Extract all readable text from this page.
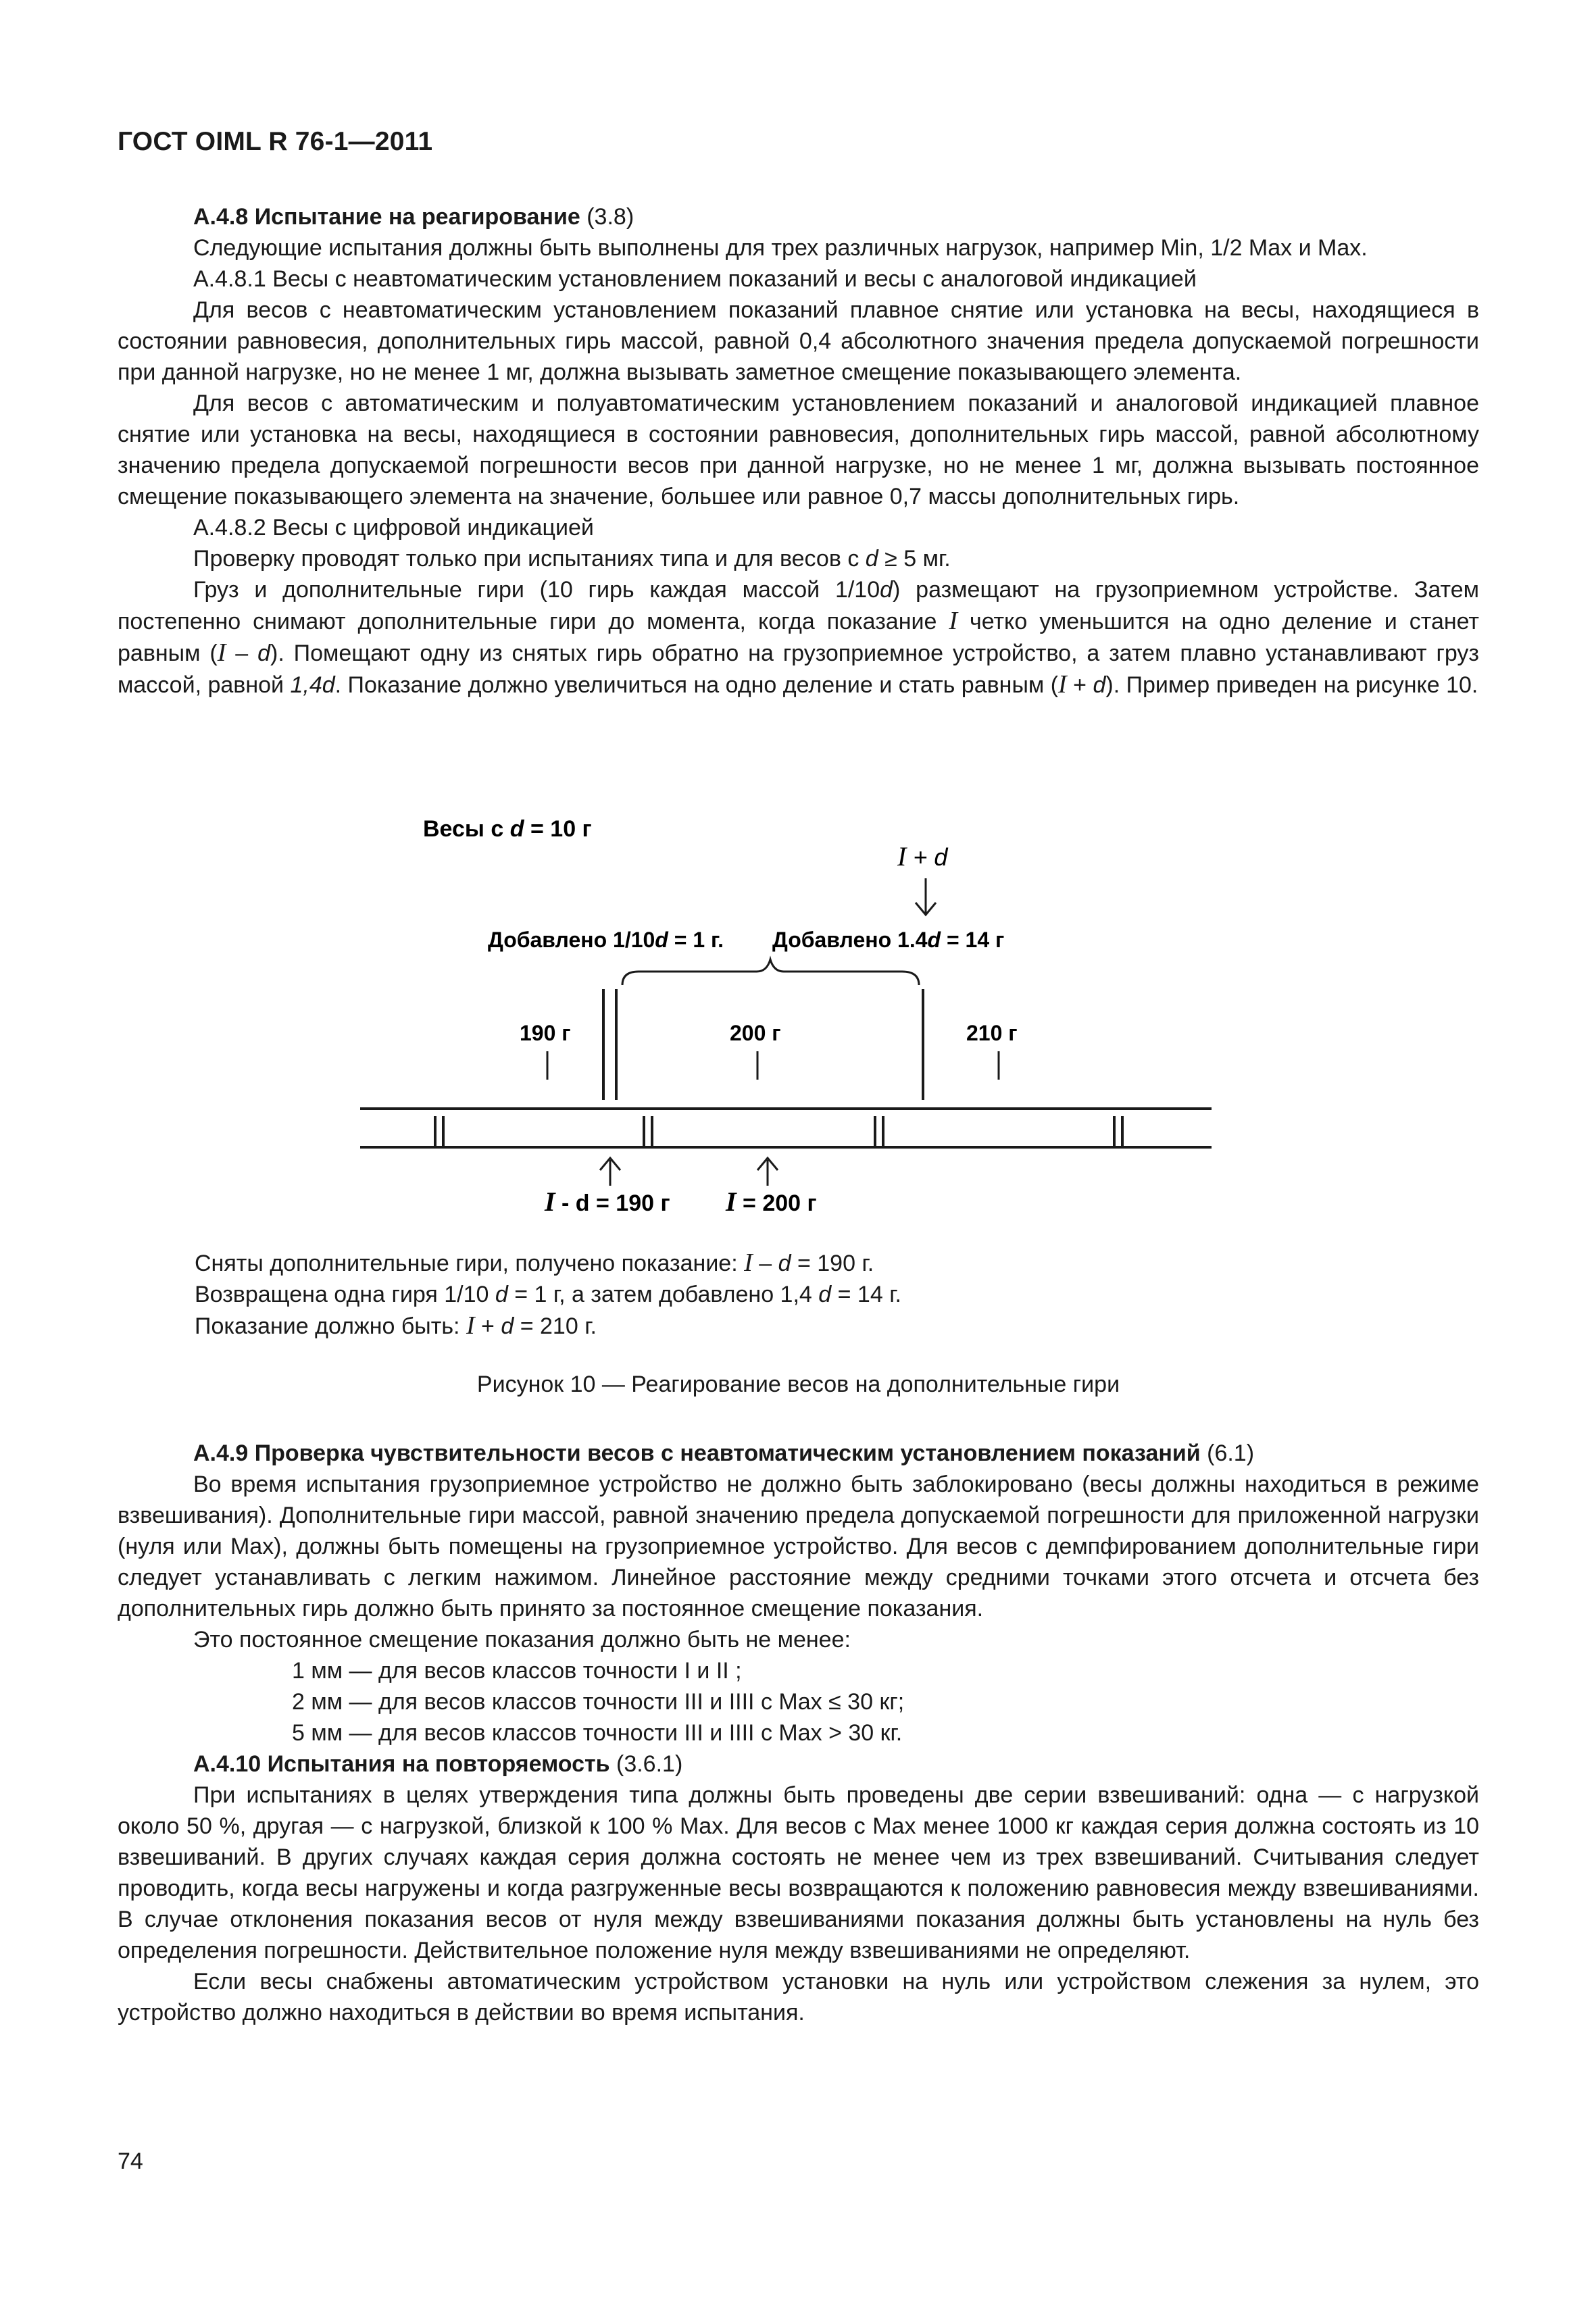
ГОСТ OIML R 76-1—2011

А.4.8 Испытание на реагирование (3.8)

Следующие испытания должны быть выполнены для трех различных нагрузок, например Min, 1/2 Max и Max.

А.4.8.1 Весы с неавтоматическим установлением показаний и весы с аналоговой индикацией

Для весов с неавтоматическим установлением показаний плавное снятие или установка на весы, находящиеся в состоянии равновесия, дополнительных гирь массой, равной 0,4 абсолютного значения предела допускаемой погрешности при данной нагрузке, но не менее 1 мг, должна вызывать заметное смещение показывающего элемента.

Для весов с автоматическим и полуавтоматическим установлением показаний и аналоговой индикацией плавное снятие или установка на весы, находящиеся в состоянии равновесия, дополнительных гирь массой, равной абсолютному значению предела допускаемой погрешности весов при данной нагрузке, но не менее 1 мг, должна вызывать постоянное смещение показывающего элемента на значение, большее или равное 0,7 массы дополнительных гирь.

А.4.8.2 Весы с цифровой индикацией

Проверку проводят только при испытаниях типа и для весов с d ≥ 5 мг.

Груз и дополнительные гири (10 гирь каждая массой 1/10d) размещают на грузоприемном устройстве. Затем постепенно снимают дополнительные гири до момента, когда показание I четко уменьшится на одно деление и станет равным (I – d). Помещают одну из снятых гирь обратно на грузоприемное устройство, а затем плавно устанавливают груз массой, равной 1,4d. Показание должно увеличиться на одно деление и стать равным (I + d). Пример приведен на рисунке 10.

Весы с d = 10 г
I + d
Добавлено 1/10d = 1 г. Добавлено 1.4d = 14 г
190 г	200 г	210 г
I - d = 190 г I = 200 г
Сняты дополнительные гири, получено показание: I – d = 190 г.
Возвращена одна гиря 1/10 d = 1 г, а затем добавлено 1,4 d = 14 г.
Показание должно быть: I + d = 210 г.
Рисунок 10 — Реагирование весов на дополнительные гири

А.4.9 Проверка чувствительности весов с неавтоматическим установлением показаний (6.1)

Во время испытания грузоприемное устройство не должно быть заблокировано (весы должны находиться в режиме взвешивания). Дополнительные гири массой, равной значению предела допускаемой погрешности для приложенной нагрузки (нуля или Max), должны быть помещены на грузоприемное устройство. Для весов с демпфированием дополнительные гири следует устанавливать с легким нажимом. Линейное расстояние между средними точками этого отсчета и отсчета без дополнительных гирь должно быть принято за постоянное смещение показания.

Это постоянное смещение показания должно быть не менее:

1 мм — для весов классов точности I и II ;

2 мм — для весов классов точности III и IIII с Max ≤ 30 кг;

5 мм — для весов классов точности III и IIII с Max > 30 кг.

А.4.10 Испытания на повторяемость (3.6.1)

При испытаниях в целях утверждения типа должны быть проведены две серии взвешиваний: одна — с нагрузкой около 50 %, другая — с нагрузкой, близкой к 100 % Max. Для весов с Max менее 1000 кг каждая серия должна состоять из 10 взвешиваний. В других случаях каждая серия должна состоять не менее чем из трех взвешиваний. Считывания следует проводить, когда весы нагружены и когда разгруженные весы возвращаются к положению равновесия между взвешиваниями. В случае отклонения показания весов от нуля между взвешиваниями показания должны быть установлены на нуль без определения погрешности. Действительное положение нуля между взвешиваниями не определяют.

Если весы снабжены автоматическим устройством установки на нуль или устройством слежения за нулем, это устройство должно находиться в действии во время испытания.

74
